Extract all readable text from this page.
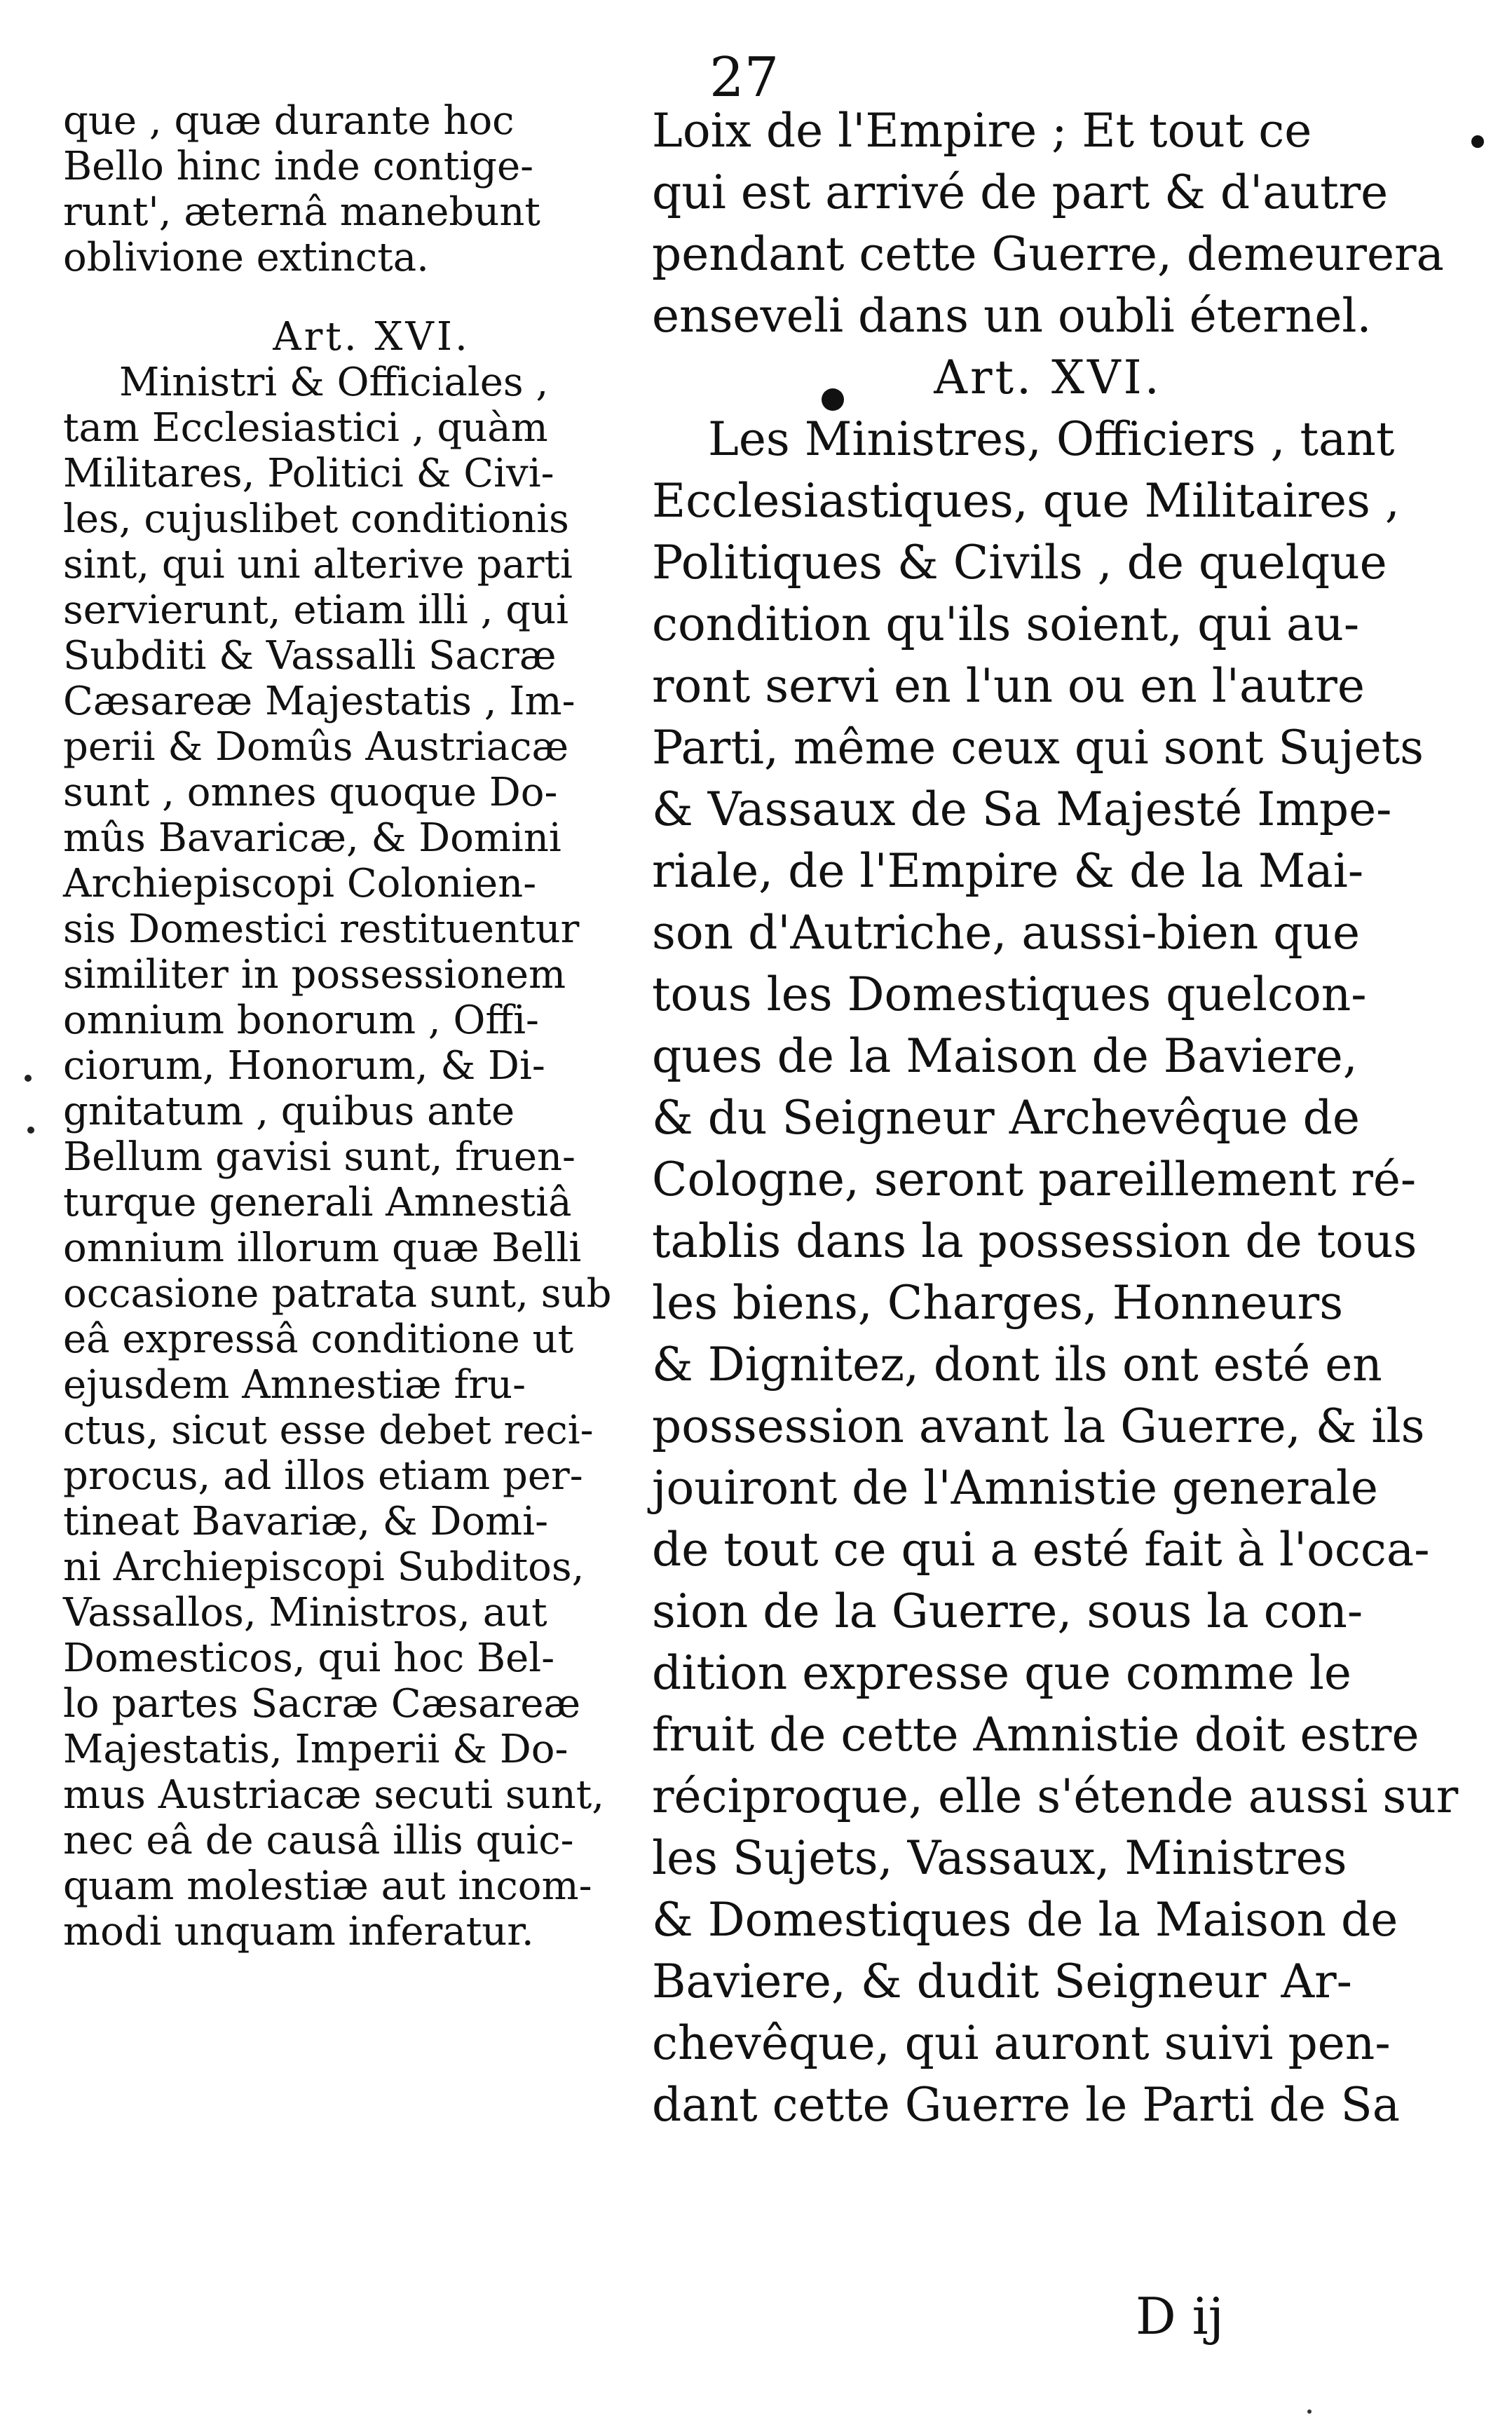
27
que , quæ durante hoc
Bello hinc inde contige-
runt', æternâ manebunt
oblivione extincta.
Art. XVI.
Ministri & Officiales ,
tam Ecclesiastici , quàm
Militares, Politici & Civi-
les, cujuslibet conditionis
sint, qui uni alterive parti
servierunt, etiam illi , qui
Subditi & Vassalli Sacræ
Cæsareæ Majestatis , Im-
perii & Domûs Austriacæ
sunt , omnes quoque Do-
mûs Bavaricæ, & Domini
Archiepiscopi Colonien-
sis Domestici restituentur
similiter in possessionem
omnium bonorum , Offi-
ciorum, Honorum, & Di-
gnitatum , quibus ante
Bellum gavisi sunt, fruen-
turque generali Amnestiâ
omnium illorum quæ Belli
occasione patrata sunt, sub
eâ expressâ conditione ut
ejusdem Amnestiæ fru-
ctus, sicut esse debet reci-
procus, ad illos etiam per-
tineat Bavariæ, & Domi-
ni Archiepiscopi Subditos,
Vassallos, Ministros, aut
Domesticos, qui hoc Bel-
lo partes Sacræ Cæsareæ
Majestatis, Imperii & Do-
mus Austriacæ secuti sunt,
nec eâ de causâ illis quic-
quam molestiæ aut incom-
modi unquam inferatur.
Loix de l'Empire ; Et tout ce
qui est arrivé de part & d'autre
pendant cette Guerre, demeurera
enseveli dans un oubli éternel.
Art. XVI.
Les Ministres, Officiers , tant
Ecclesiastiques, que Militaires ,
Politiques & Civils , de quelque
condition qu'ils soient, qui au-
ront servi en l'un ou en l'autre
Parti, même ceux qui sont Sujets
& Vassaux de Sa Majesté Impe-
riale, de l'Empire & de la Mai-
son d'Autriche, aussi-bien que
tous les Domestiques quelcon-
ques de la Maison de Baviere,
& du Seigneur Archevêque de
Cologne, seront pareillement ré-
tablis dans la possession de tous
les biens, Charges, Honneurs
& Dignitez, dont ils ont esté en
possession avant la Guerre, & ils
jouiront de l'Amnistie generale
de tout ce qui a esté fait à l'occa-
sion de la Guerre, sous la con-
dition expresse que comme le
fruit de cette Amnistie doit estre
réciproque, elle s'étende aussi sur
les Sujets, Vassaux, Ministres
& Domestiques de la Maison de
Baviere, & dudit Seigneur Ar-
chevêque, qui auront suivi pen-
dant cette Guerre le Parti de Sa
D ij
